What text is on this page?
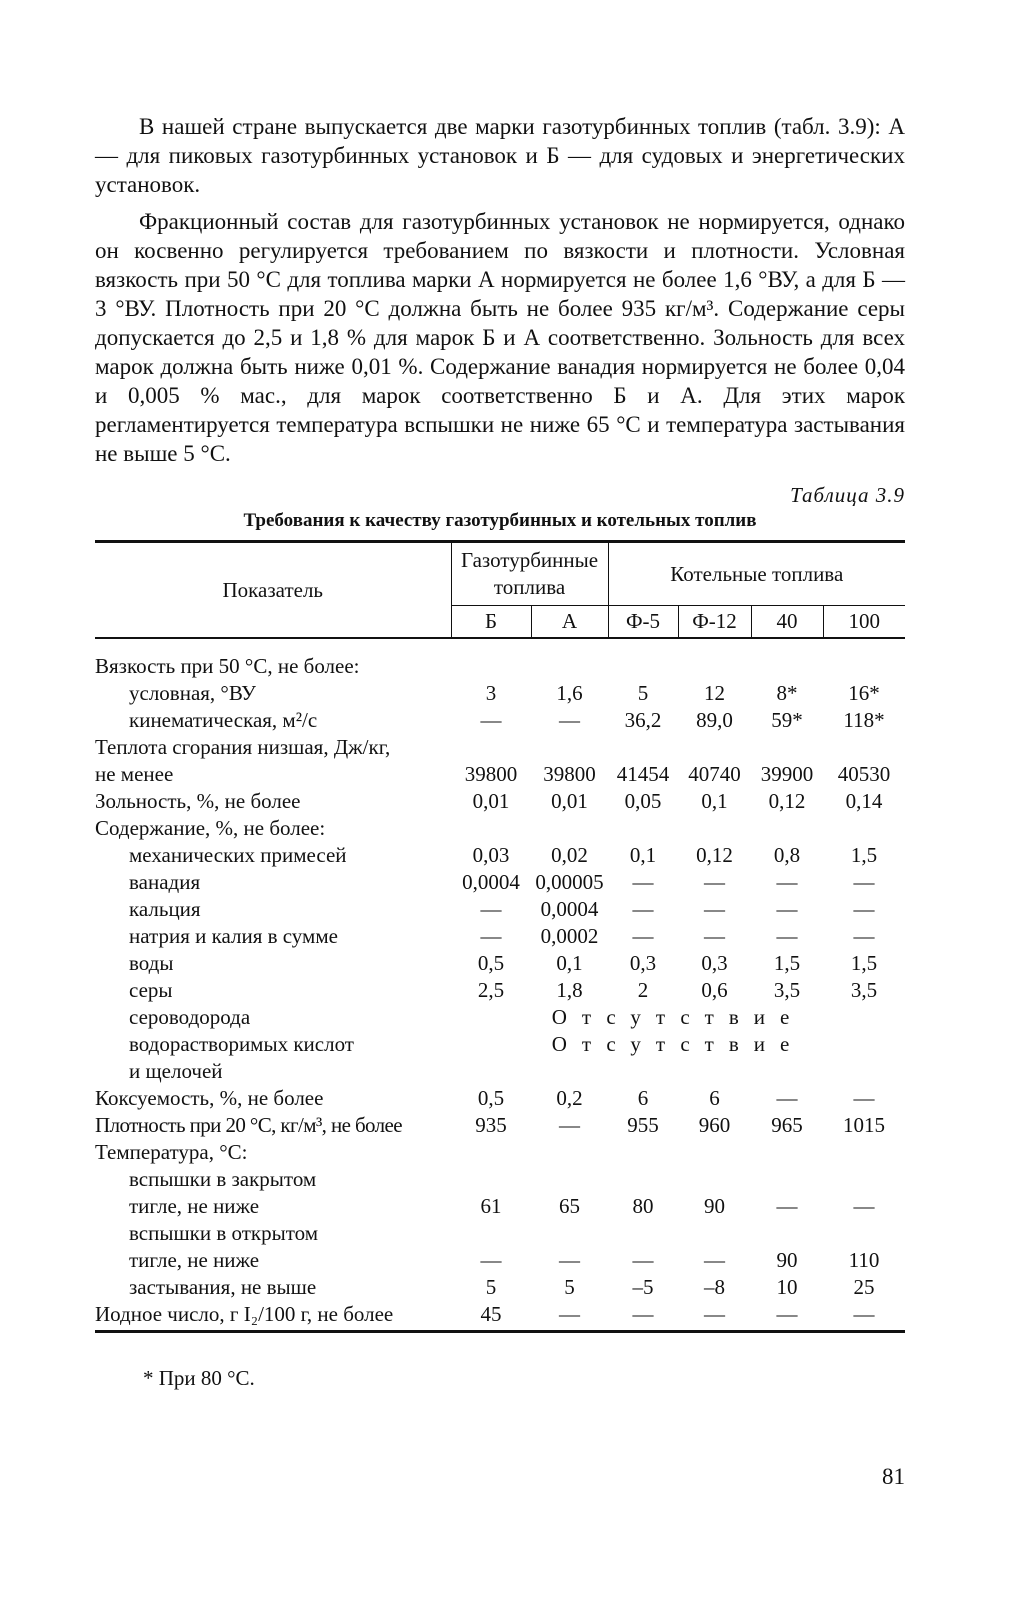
В нашей стране выпускается две марки газотурбинных топлив (табл. 3.9): А — для пиковых газотурбинных установок и Б — для судовых и энергетических установок.

Фракционный состав для газотурбинных установок не нормируется, однако он косвенно регулируется требованием по вязкости и плотности. Условная вязкость при 50 °С для топлива марки А нормируется не более 1,6 °ВУ, а для Б — 3 °ВУ. Плотность при 20 °С должна быть не более 935 кг/м³. Содержание серы допускается до 2,5 и 1,8 % для марок Б и А соответственно. Зольность для всех марок должна быть ниже 0,01 %. Содержание ванадия нормируется не более 0,04 и 0,005 % мас., для марок соответственно Б и А. Для этих марок регламентируется температура вспышки не ниже 65 °С и температура застывания не выше 5 °С.

Таблица 3.9
Требования к качеству газотурбинных и котельных топлив
Показатель	Газотурбинные топлива		Котельные топлива			
	Б	А	Ф-5	Ф-12	40	100
Вязкость при 50 °С, не более:						
условная, °ВУ	3	1,6	5	12	8*	16*
кинематическая, м²/с	—	—	36,2	89,0	59*	118*
Теплота сгорания низшая, Дж/кг,						
не менее	39800	39800	41454	40740	39900	40530
Зольность, %, не более	0,01	0,01	0,05	0,1	0,12	0,14
Содержание, %, не более:						
механических примесей	0,03	0,02	0,1	0,12	0,8	1,5
ванадия	0,0004	0,00005	—	—	—	—
кальция	—	0,0004	—	—	—	—
натрия и калия в сумме	—	0,0002	—	—	—	—
воды	0,5	0,1	0,3	0,3	1,5	1,5
серы	2,5	1,8	2	0,6	3,5	3,5
сероводорода	Отсутствие					
водорастворимых кислот	Отсутствие					
и щелочей						
Коксуемость, %, не более	0,5	0,2	6	6	—	—
Плотность при 20 °С, кг/м³, не более	935	—	955	960	965	1015
Температура, °С:						
вспышки в закрытом						
тигле, не ниже	61	65	80	90	—	—
вспышки в открытом						
тигле, не ниже	—	—	—	—	90	110
застывания, не выше	5	5	–5	–8	10	25
Иодное число, г I₂/100 г, не более	45	—	—	—	—	—
* При 80 °С.
81
